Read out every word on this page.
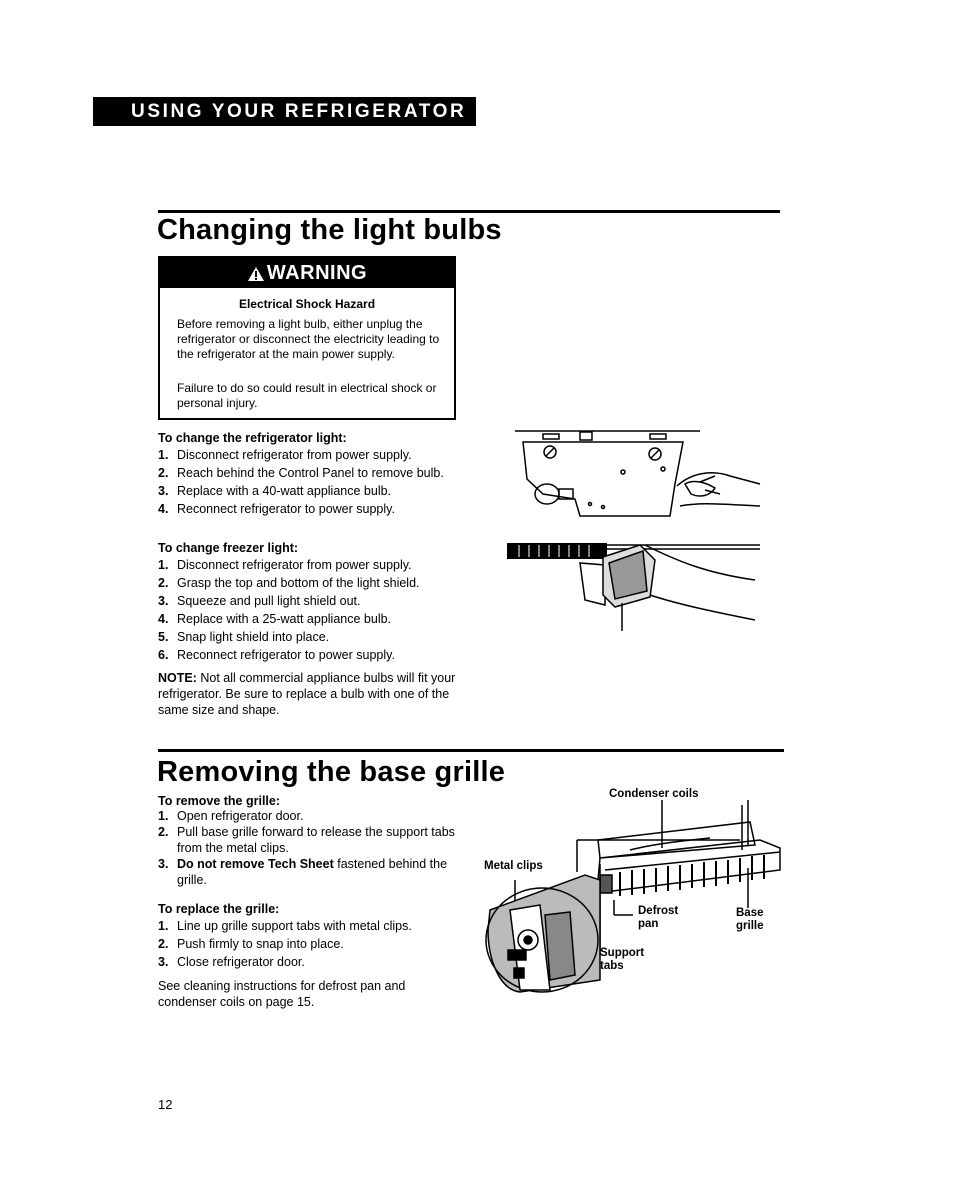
USING YOUR REFRIGERATOR
Changing the light bulbs
WARNING
Electrical Shock Hazard
Before removing a light bulb, either unplug the refrigerator or disconnect the electricity leading to the refrigerator at the main power supply.
Failure to do so could result in electrical shock or personal injury.
To change the refrigerator light:
1. Disconnect refrigerator from power supply.
2. Reach behind the Control Panel to remove bulb.
3. Replace with a 40-watt appliance bulb.
4. Reconnect refrigerator to power supply.
To change freezer light:
1. Disconnect refrigerator from power supply.
2. Grasp the top and bottom of the light shield.
3. Squeeze and pull light shield out.
4. Replace with a 25-watt appliance bulb.
5. Snap light shield into place.
6. Reconnect refrigerator to power supply.
NOTE: Not all commercial appliance bulbs will fit your refrigerator. Be sure to replace a bulb with one of the same size and shape.
Removing the base grille
To remove the grille:
1. Open refrigerator door.
2. Pull base grille forward to release the support tabs from the metal clips.
3. Do not remove Tech Sheet fastened behind the grille.
To replace the grille:
1. Line up grille support tabs with metal clips.
2. Push firmly to snap into place.
3. Close refrigerator door.
See cleaning instructions for defrost pan and condenser coils on page 15.
Condenser coils
Metal clips
Defrost pan
Base grille
Support tabs
12
